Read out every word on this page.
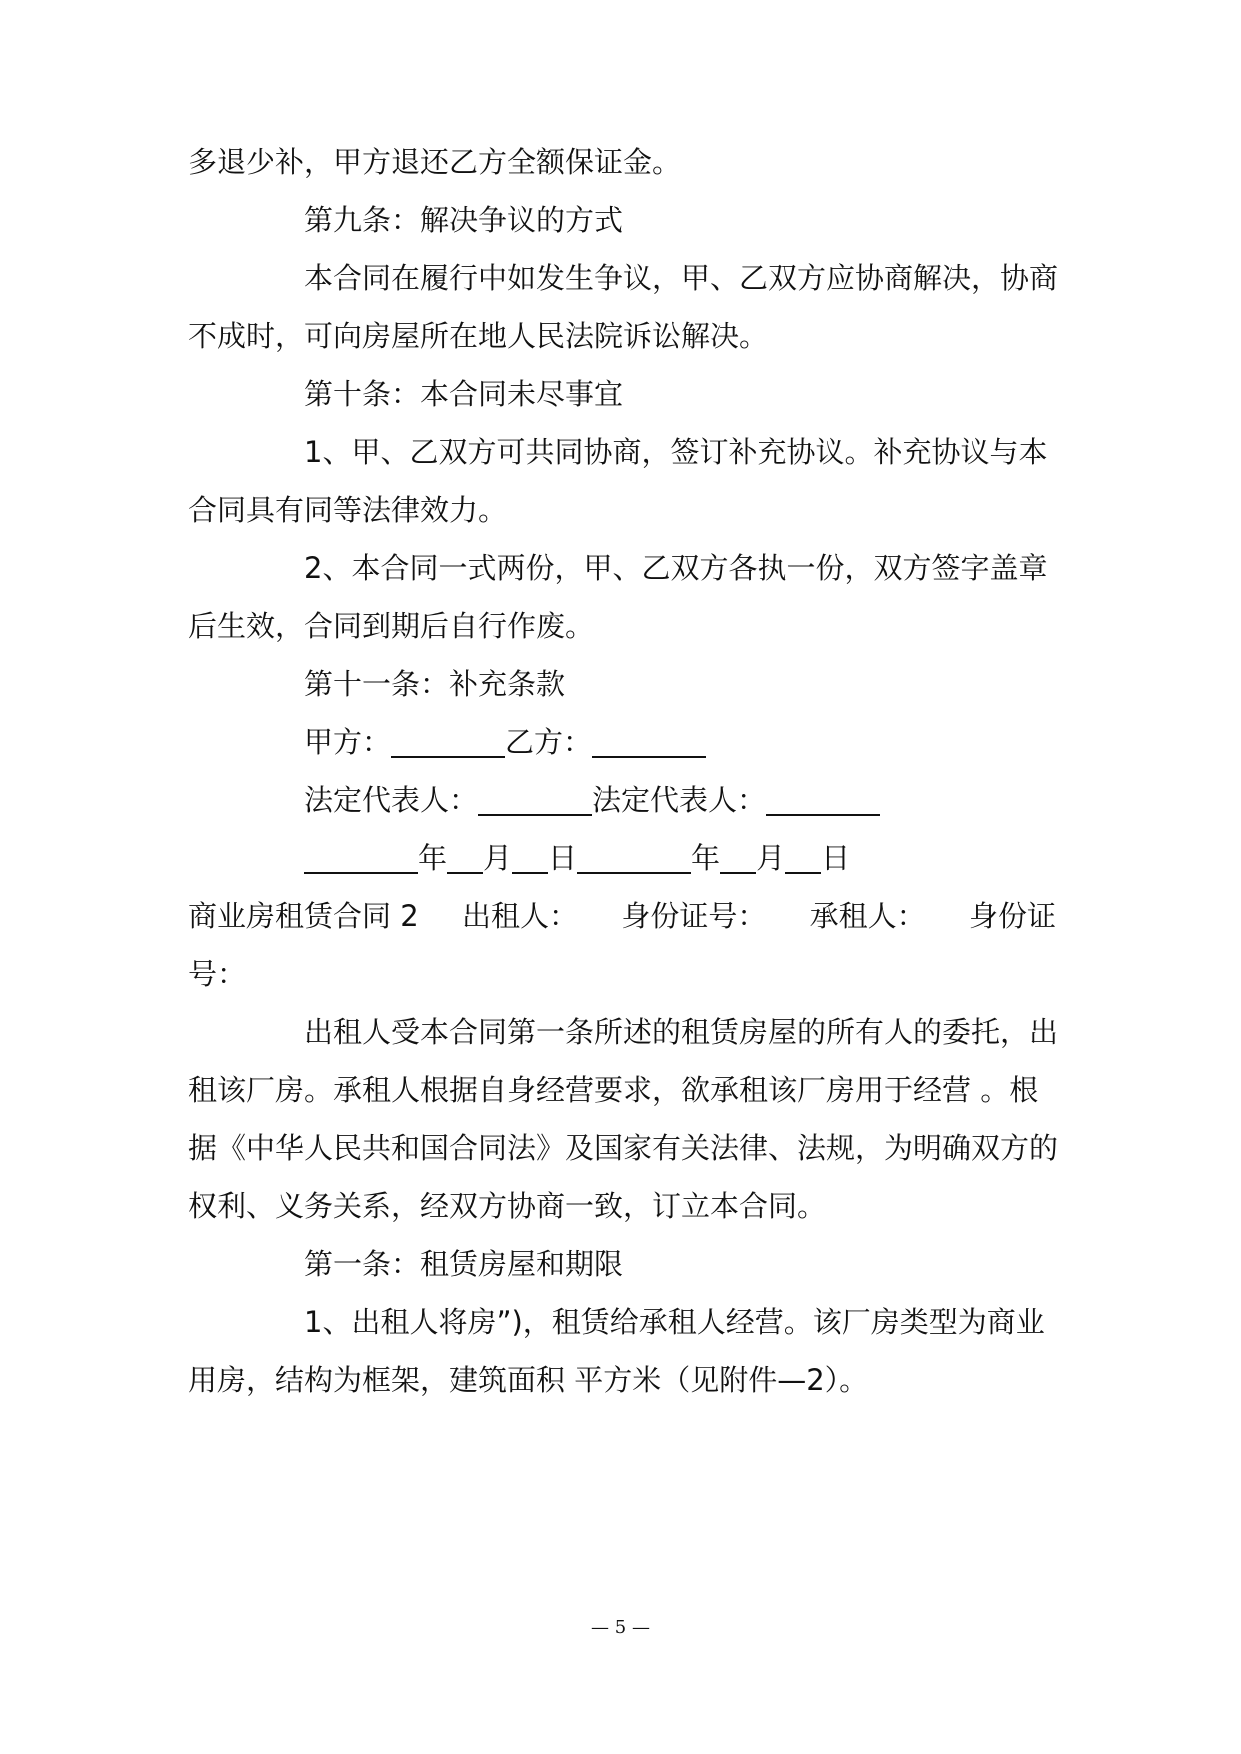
多退少补，甲方退还乙方全额保证金。
第九条：解决争议的方式
本合同在履行中如发生争议，甲、乙双方应协商解决，协商
不成时，可向房屋所在地人民法院诉讼解决。
第十条：本合同未尽事宜
1、甲、乙双方可共同协商，签订补充协议。补充协议与本
合同具有同等法律效力。
2、本合同一式两份，甲、乙双方各执一份，双方签字盖章
后生效，合同到期后自行作废。
第十一条：补充条款
甲方：	乙方：
法定代表人：	法定代表人：
年 月 日	年 月 日
商业房租赁合同 2 出租人： 身份证号： 承租人： 身份证
号：
出租人受本合同第一条所述的租赁房屋的所有人的委托，出
租该厂房。承租人根据自身经营要求，欲承租该厂房用于经营 。根
据《中华人民共和国合同法》及国家有关法律、法规，为明确双方的
权利、义务关系，经双方协商一致，订立本合同。
第一条：租赁房屋和期限
1、出租人将房”)，租赁给承租人经营。该厂房类型为商业
用房，结构为框架，建筑面积 平方米（见附件—2）。
— 5 —
